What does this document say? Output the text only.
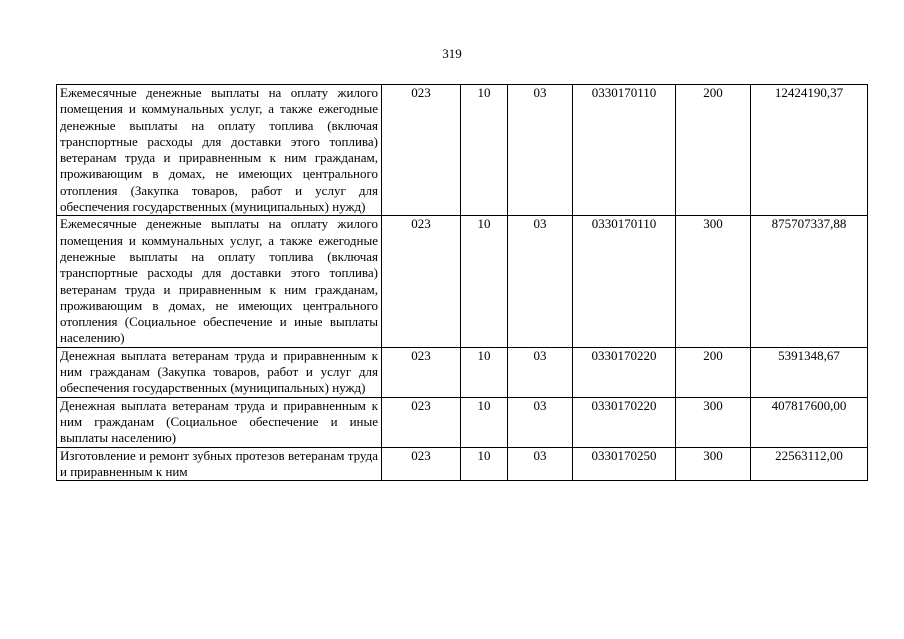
319
Ежемесячные денежные выплаты на оплату жилого помещения и коммунальных услуг, а также ежегодные денежные выплаты на оплату топлива (включая транспортные расходы для доставки этого топлива) ветеранам труда и приравненным к ним гражданам, проживающим в домах, не имеющих центрального отопления (Закупка товаров, работ и услуг для обеспечения государственных (муниципальных) нужд)	023	10	03	0330170110	200	12424190,37

Ежемесячные денежные выплаты на оплату жилого помещения и коммунальных услуг, а также ежегодные денежные выплаты на оплату топлива (включая транспортные расходы для доставки этого топлива) ветеранам труда и приравненным к ним гражданам, проживающим в домах, не имеющих центрального отопления (Социальное обеспечение и иные выплаты населению)	023	10	03	0330170110	300	875707337,88

Денежная выплата ветеранам труда и приравненным к ним гражданам (Закупка товаров, работ и услуг для обеспечения государственных (муниципальных) нужд)	023	10	03	0330170220	200	5391348,67

Денежная выплата ветеранам труда и приравненным к ним гражданам (Социальное обеспечение и иные выплаты населению)	023	10	03	0330170220	300	407817600,00

Изготовление и ремонт зубных протезов ветеранам труда и приравненным к ним	023	10	03	0330170250	300	22563112,00
